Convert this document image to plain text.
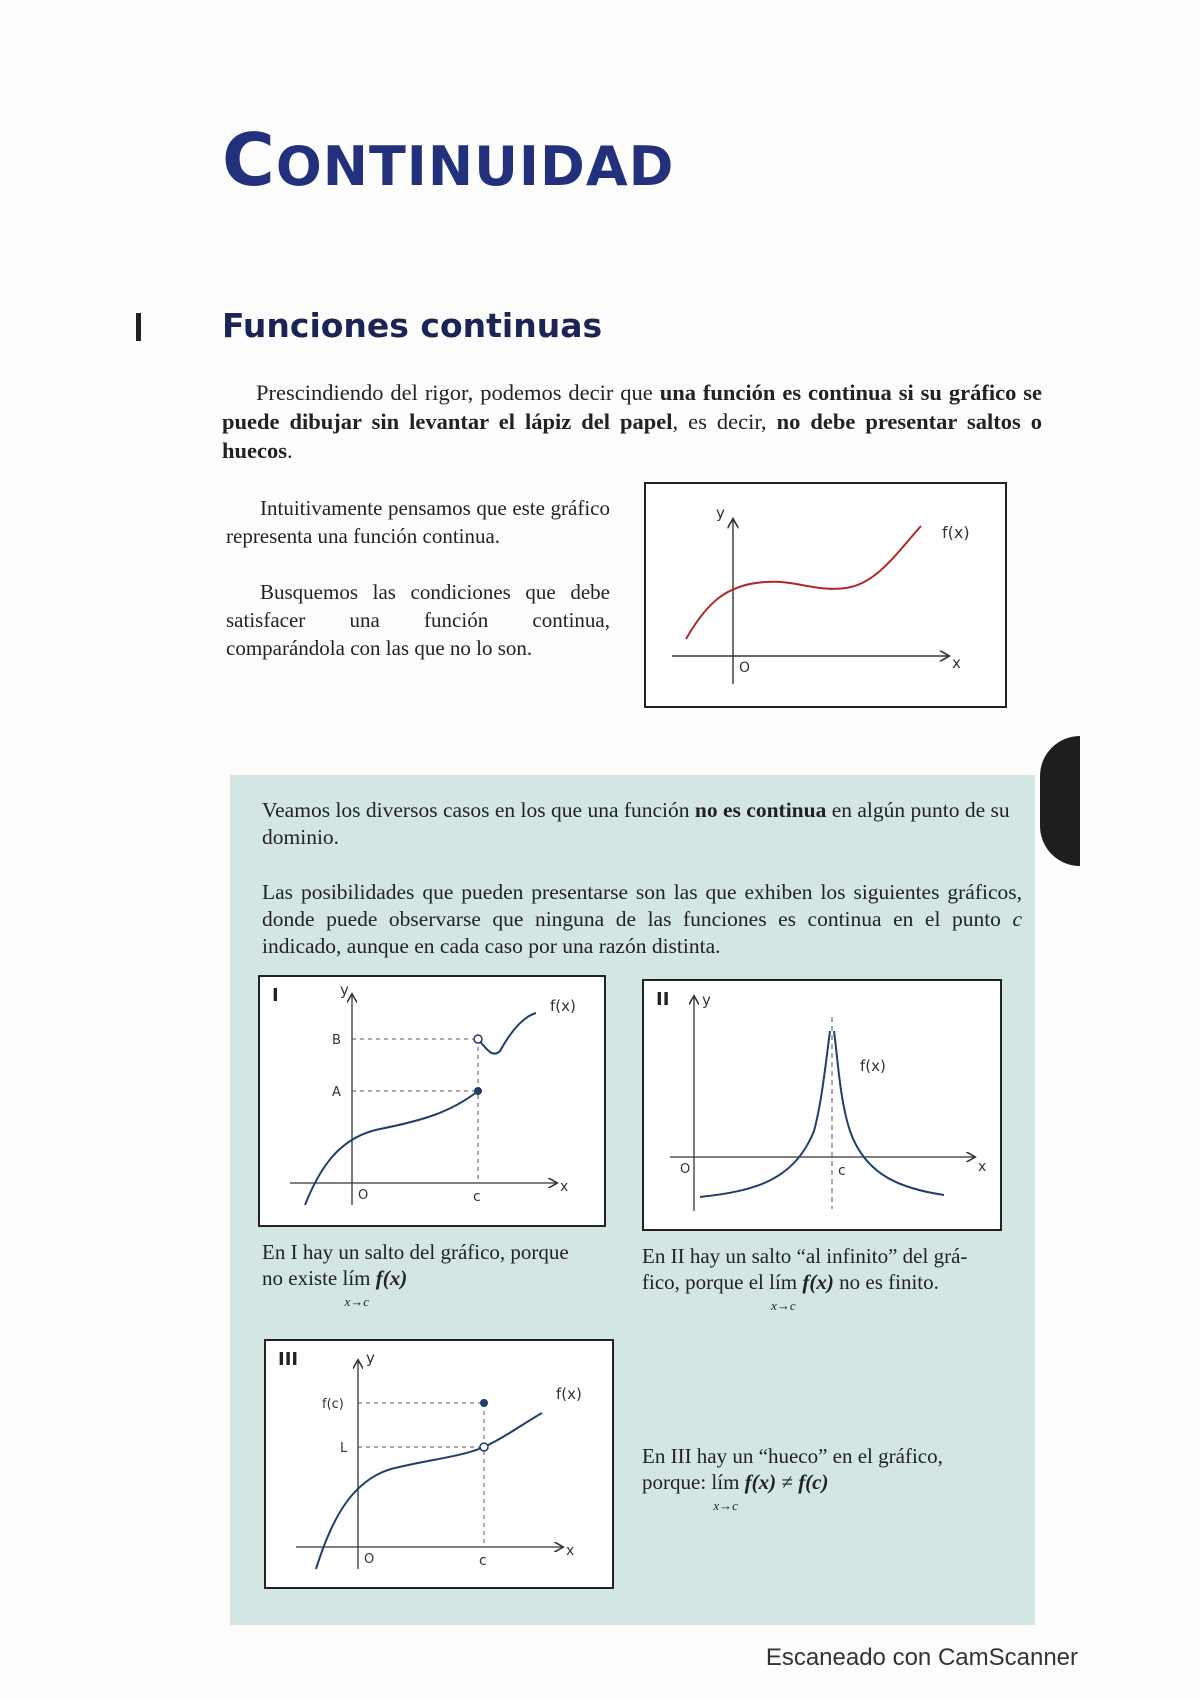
CONTINUIDAD
Funciones continuas
Prescindiendo del rigor, podemos decir que una función es continua si su gráfico se puede dibujar sin levantar el lápiz del papel, es decir, no debe presentar saltos o huecos.
Intuitivamente pensamos que este gráfico representa una función continua.
Busquemos las condiciones que debe satisfacer una función continua, comparándola con las que no lo son.
y
x
O
f(x)
Veamos los diversos casos en los que una función no es continua en algún punto de su dominio.
Las posibilidades que pueden presentarse son las que exhiben los siguientes gráficos, donde puede observarse que ninguna de las funciones es continua en el punto c indicado, aunque en cada caso por una razón distinta.
I	y
x
O	c
B
A
f(x)	II y
x
O	c
f(x)
En I hay un salto del gráfico, porque
no existe lím
x→c
f(x)
En II hay un salto “al infinito” del grá-
fico, porque el lím
x→c
f(x) no es finito.
III	y
x
O	c
f(c)
L
f(x)
En III hay un “hueco” en el gráfico,
porque: lím
x→c
f(x) ≠ f(c)
Escaneado con CamScanner
